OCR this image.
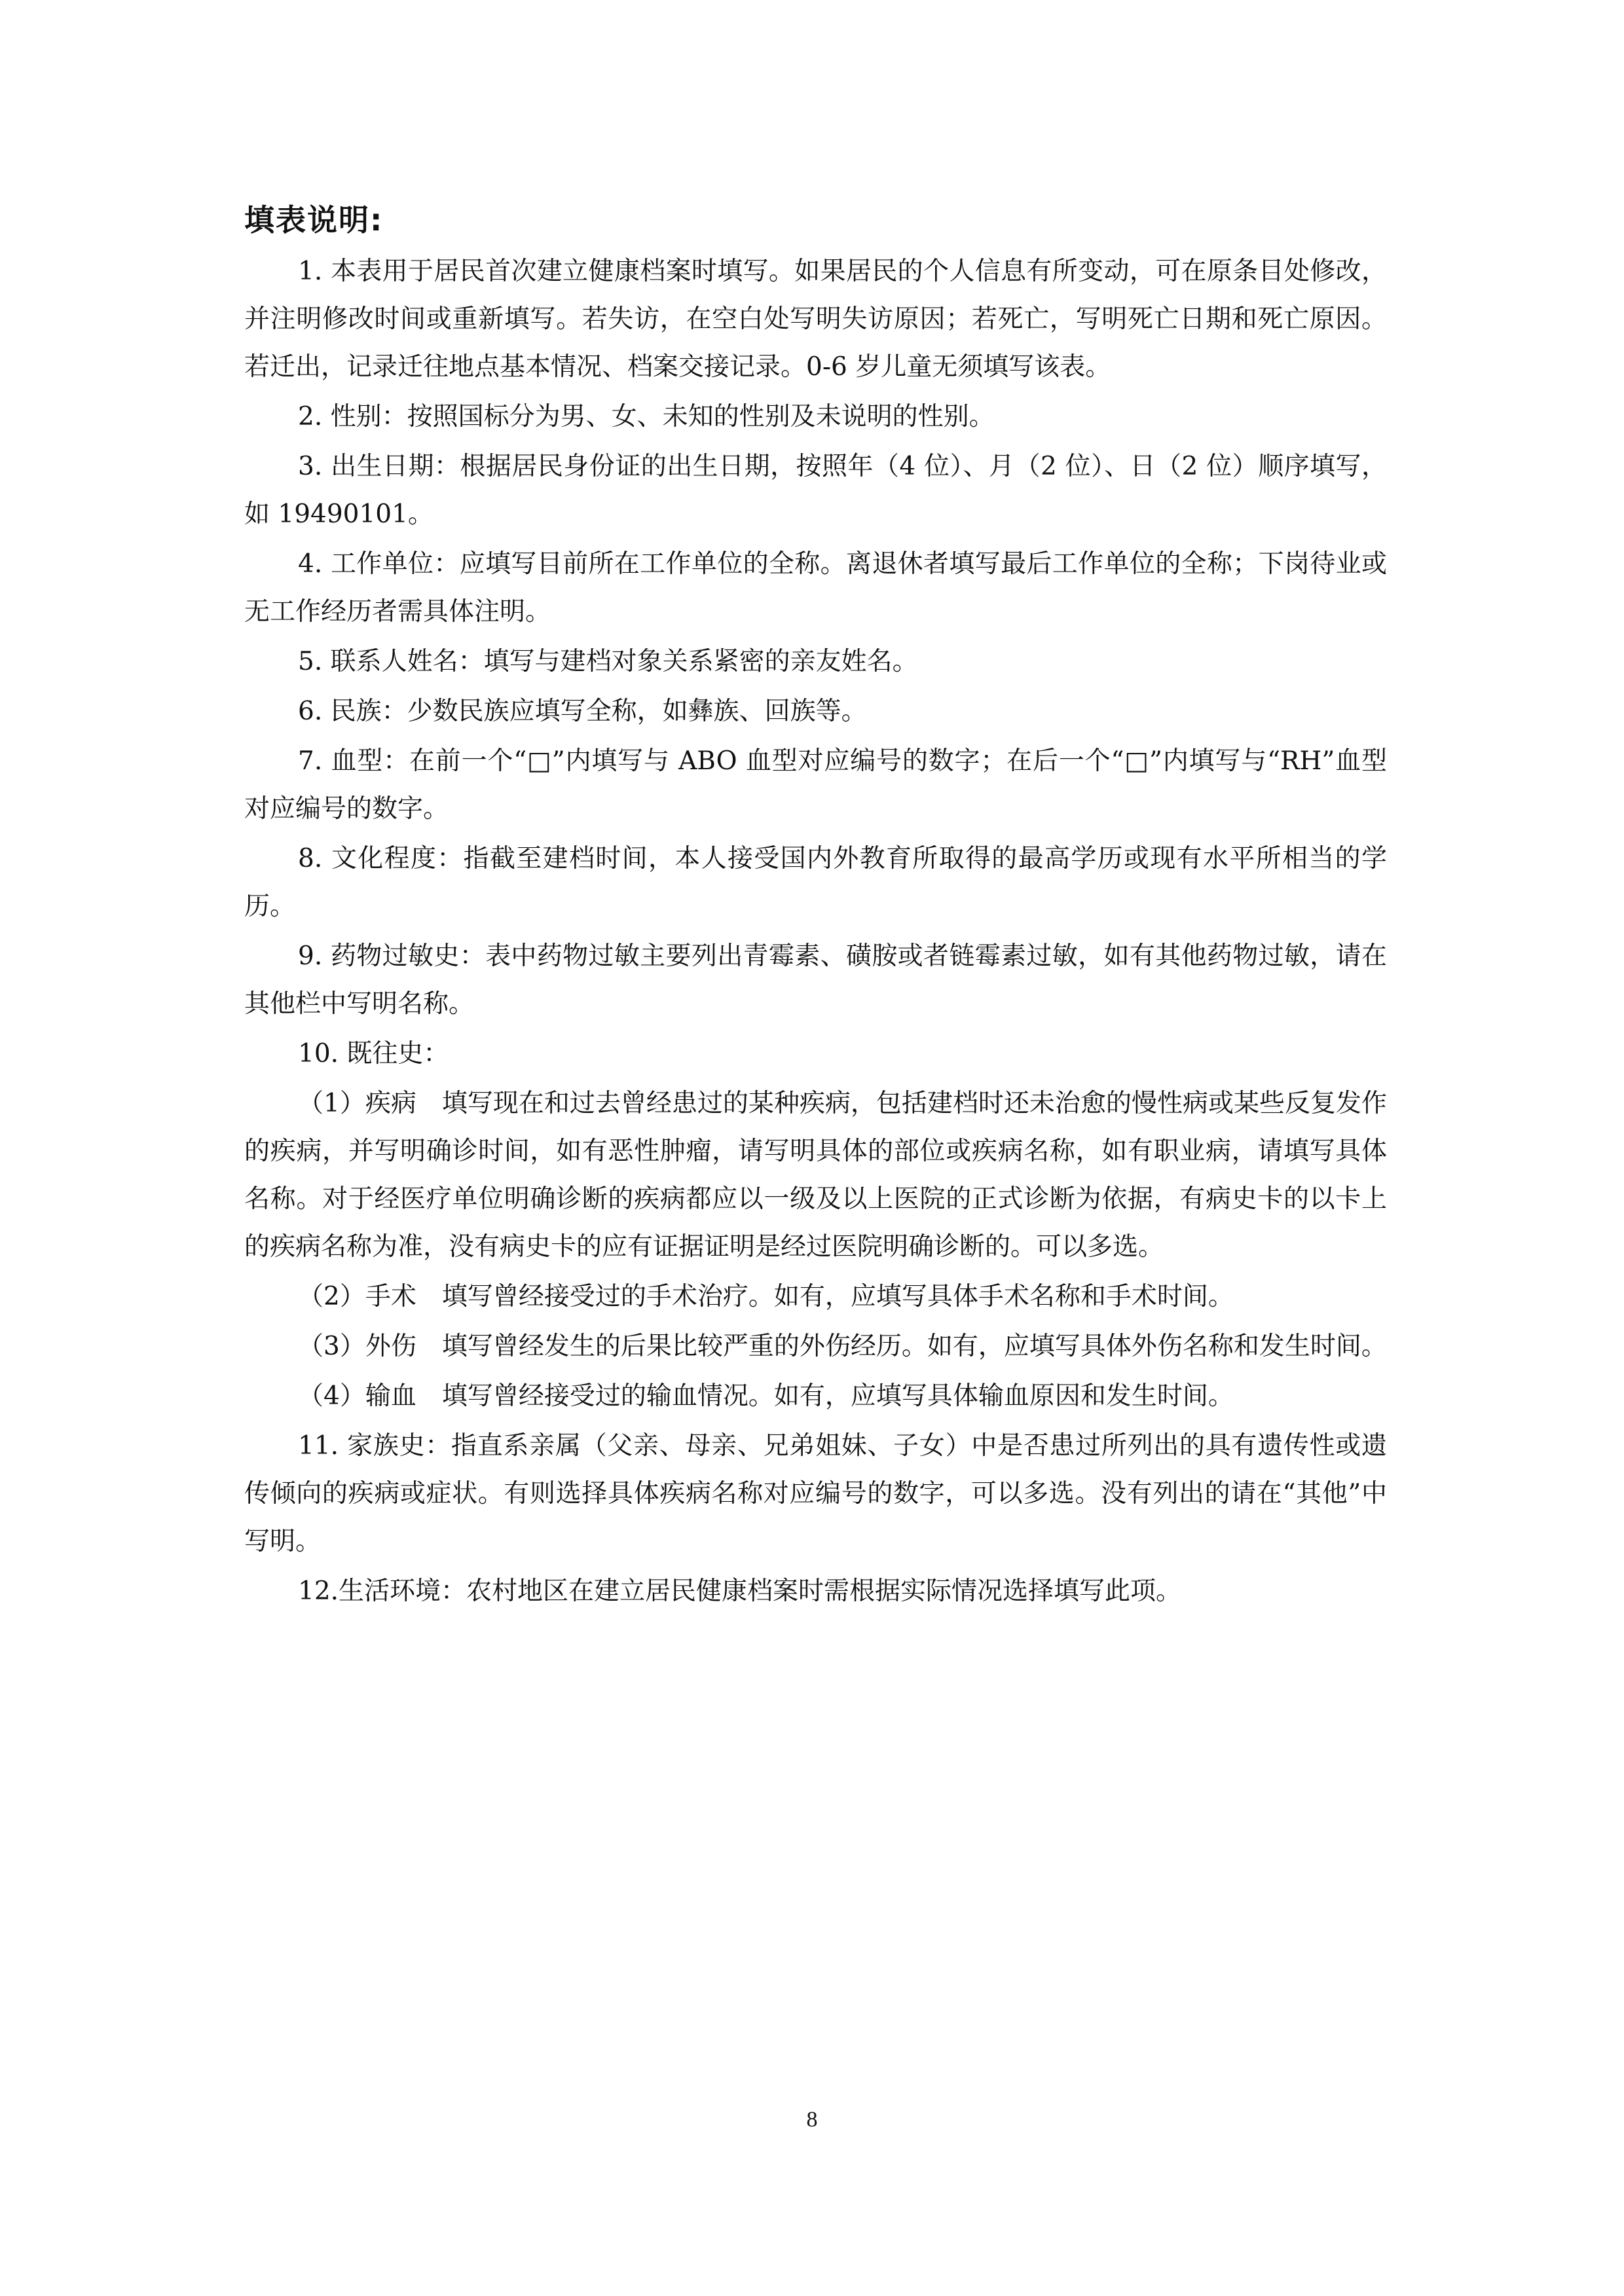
填表说明:

1. 本表用于居民首次建立健康档案时填写。如果居民的个人信息有所变动，可在原条目处修改，并注明修改时间或重新填写。若失访，在空白处写明失访原因；若死亡，写明死亡日期和死亡原因。若迁出，记录迁往地点基本情况、档案交接记录。0-6 岁儿童无须填写该表。

2. 性别：按照国标分为男、女、未知的性别及未说明的性别。

3. 出生日期：根据居民身份证的出生日期，按照年（4 位）、月（2 位）、日（2 位）顺序填写，如 19490101。

4. 工作单位：应填写目前所在工作单位的全称。离退休者填写最后工作单位的全称；下岗待业或无工作经历者需具体注明。

5. 联系人姓名：填写与建档对象关系紧密的亲友姓名。

6. 民族：少数民族应填写全称，如彝族、回族等。

7. 血型：在前一个“□”内填写与 ABO 血型对应编号的数字；在后一个“□”内填写与“RH”血型对应编号的数字。

8. 文化程度：指截至建档时间，本人接受国内外教育所取得的最高学历或现有水平所相当的学历。

9. 药物过敏史：表中药物过敏主要列出青霉素、磺胺或者链霉素过敏，如有其他药物过敏，请在其他栏中写明名称。

10. 既往史：

（1）疾病　填写现在和过去曾经患过的某种疾病，包括建档时还未治愈的慢性病或某些反复发作的疾病，并写明确诊时间，如有恶性肿瘤，请写明具体的部位或疾病名称，如有职业病，请填写具体名称。对于经医疗单位明确诊断的疾病都应以一级及以上医院的正式诊断为依据，有病史卡的以卡上的疾病名称为准，没有病史卡的应有证据证明是经过医院明确诊断的。可以多选。

（2）手术　填写曾经接受过的手术治疗。如有，应填写具体手术名称和手术时间。

（3）外伤　填写曾经发生的后果比较严重的外伤经历。如有，应填写具体外伤名称和发生时间。

（4）输血　填写曾经接受过的输血情况。如有，应填写具体输血原因和发生时间。

11. 家族史：指直系亲属（父亲、母亲、兄弟姐妹、子女）中是否患过所列出的具有遗传性或遗传倾向的疾病或症状。有则选择具体疾病名称对应编号的数字，可以多选。没有列出的请在“其他”中写明。

12.生活环境：农村地区在建立居民健康档案时需根据实际情况选择填写此项。

8
